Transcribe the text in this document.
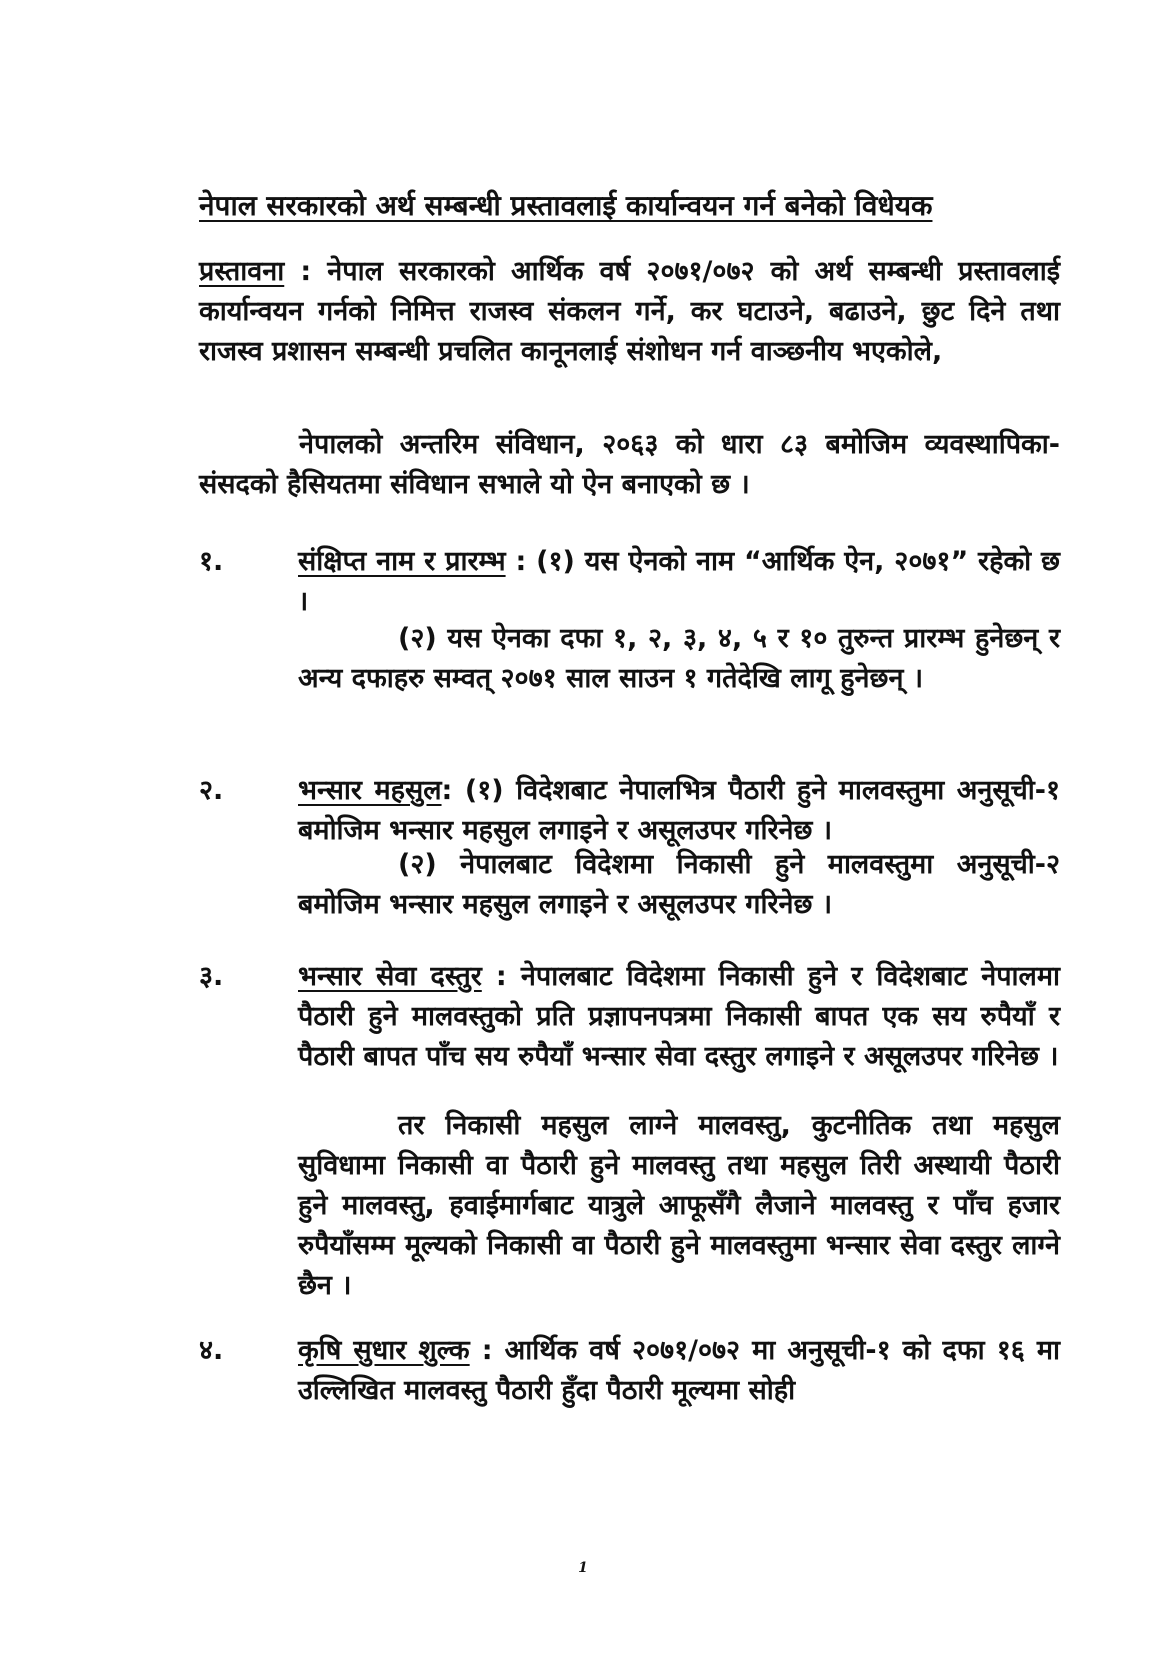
नेपाल सरकारको अर्थ सम्बन्धी प्रस्तावलाई कार्यान्वयन गर्न बनेको विधेयक

प्रस्तावना : नेपाल सरकारको आर्थिक वर्ष २०७१/०७२ को अर्थ सम्बन्धी प्रस्तावलाई कार्यान्वयन गर्नको निमित्त राजस्व संकलन गर्ने, कर घटाउने, बढाउने, छुट दिने तथा राजस्व प्रशासन सम्बन्धी प्रचलित कानूनलाई संशोधन गर्न वाञ्छनीय भएकोले,

नेपालको अन्तरिम संविधान, २०६३ को धारा ८३ बमोजिम व्यवस्थापिका-संसदको हैसियतमा संविधान सभाले यो ऐन बनाएको छ ।

१.	संक्षिप्त नाम र प्रारम्भ : (१) यस ऐनको नाम “आर्थिक ऐन, २०७१” रहेको छ ।

(२) यस ऐनका दफा १, २, ३, ४, ५ र १० तुरुन्त प्रारम्भ हुनेछन् र अन्य दफाहरु सम्वत् २०७१ साल साउन १ गतेदेखि लागू हुनेछन् ।

२.	भन्सार महसुल: (१) विदेशबाट नेपालभित्र पैठारी हुने मालवस्तुमा अनुसूची-१ बमोजिम भन्सार महसुल लगाइने र असूलउपर गरिनेछ ।

(२) नेपालबाट विदेशमा निकासी हुने मालवस्तुमा अनुसूची-२ बमोजिम भन्सार महसुल लगाइने र असूलउपर गरिनेछ ।

३.	भन्सार सेवा दस्तुर : नेपालबाट विदेशमा निकासी हुने र विदेशबाट नेपालमा पैठारी हुने मालवस्तुको प्रति प्रज्ञापनपत्रमा निकासी बापत एक सय रुपैयाँ र पैठारी बापत पाँच सय रुपैयाँ भन्सार सेवा दस्तुर लगाइने र असूलउपर गरिनेछ ।

तर निकासी महसुल लाग्ने मालवस्तु, कुटनीतिक तथा महसुल सुविधामा निकासी वा पैठारी हुने मालवस्तु तथा महसुल तिरी अस्थायी पैठारी हुने मालवस्तु, हवाईमार्गबाट यात्रुले आफूसँगै लैजाने मालवस्तु र पाँच हजार रुपैयाँसम्म मूल्यको निकासी वा पैठारी हुने मालवस्तुमा भन्सार सेवा दस्तुर लाग्ने छैन ।

४.	कृषि सुधार शुल्क : आर्थिक वर्ष २०७१/०७२ मा अनुसूची-१ को दफा १६ मा उल्लिखित मालवस्तु पैठारी हुँदा पैठारी मूल्यमा सोही

1
